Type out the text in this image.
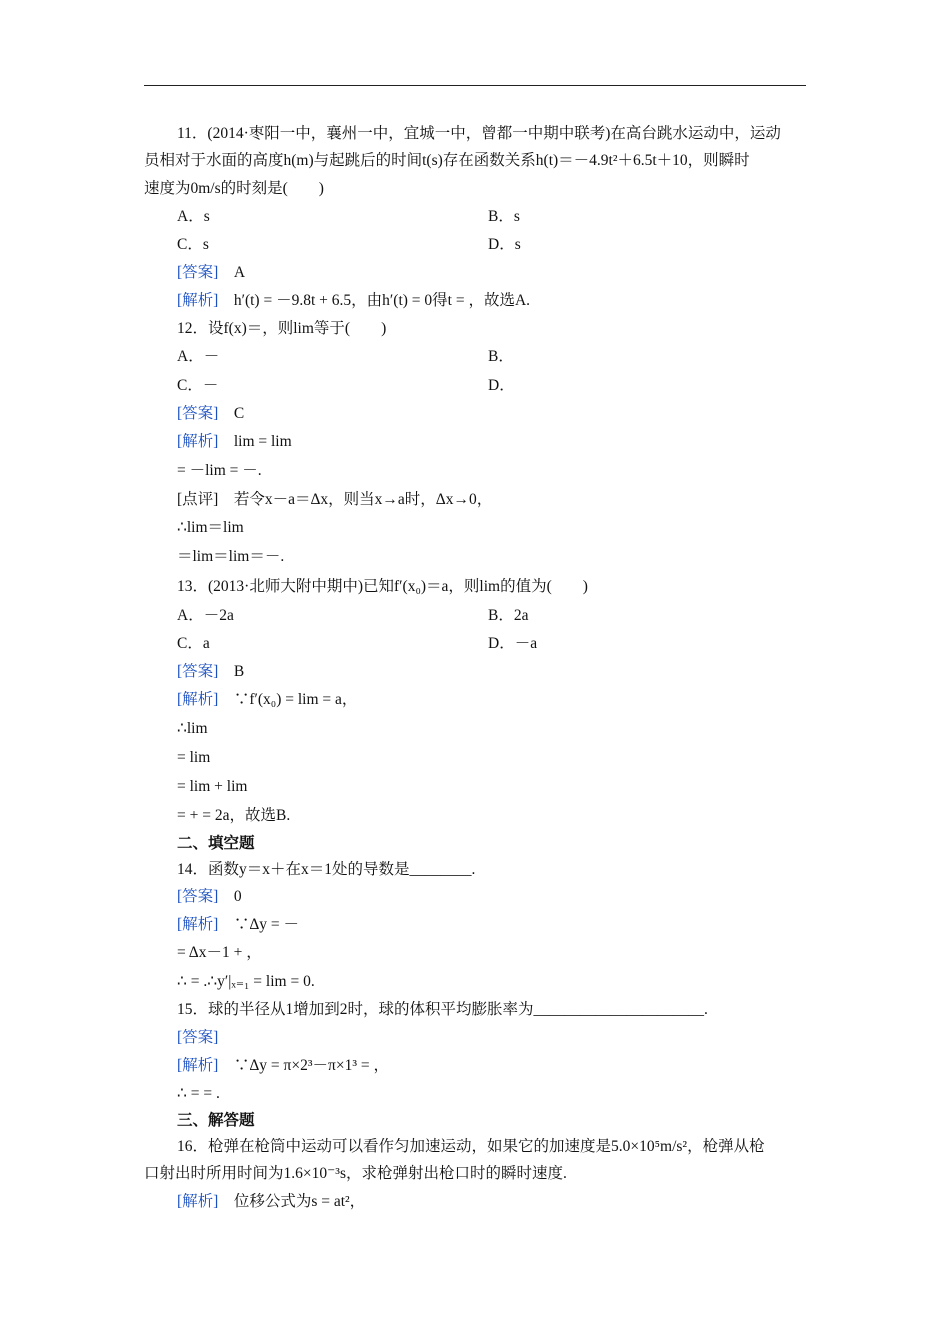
11．(2014·枣阳一中，襄州一中，宜城一中，曾都一中期中联考)在高台跳水运动中，运动
员相对于水面的高度h(m)与起跳后的时间t(s)存在函数关系h(t)＝－4.9t²＋6.5t＋10，则瞬时
速度为0m/s的时刻是(　　)
A．s	B．s
C．s	D．s
[答案]　A
[解析]　h′(t) = －9.8t + 6.5，由h′(t) = 0得t = ，故选A.
12．设f(x)＝，则lim等于(　　)
A．－	B．
C．－	D．
[答案]　C
[解析]　lim = lim
= －lim = －.
[点评]　若令x－a＝Δx，则当x→a时，Δx→0，
∴lim＝lim
＝lim＝lim＝－.
13．(2013·北师大附中期中)已知f′(x₀)＝a，则lim的值为(　　)
A．－2a	B．2a
C．a	D．－a
[答案]　B
[解析]　∵f′(x₀) = lim = a，
∴lim
= lim
= lim + lim
= + = 2a，故选B.
二、填空题
14．函数y＝x＋在x＝1处的导数是________.
[答案]　0
[解析]　∵Δy = －
= Δx－1 + ，
∴ = .∴y′|ₓ₌₁ = lim = 0.
15．球的半径从1增加到2时，球的体积平均膨胀率为______________________.
[答案]
[解析]　∵Δy = π×2³－π×1³ = ，
∴ = = .
三、解答题
16．枪弹在枪筒中运动可以看作匀加速运动，如果它的加速度是5.0×10⁵m/s²，枪弹从枪
口射出时所用时间为1.6×10⁻³s，求枪弹射出枪口时的瞬时速度.
[解析]　位移公式为s = at²，
